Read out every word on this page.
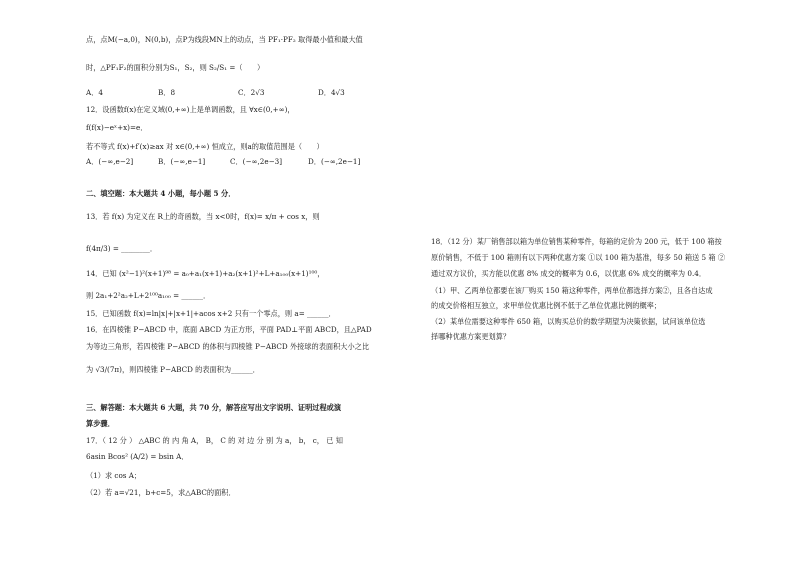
点，点M(−a,0)，N(0,b)，点P为线段MN上的动点，当 PF₁·PF₂ 取得最小值和最大值
时，△PF₁F₂的面积分别为S₁，S₂，则 S₂/S₁ =（　　）
A．4	B．8	C．2√3	D．4√3
12．设函数f(x)在定义域(0,+∞)上是单调函数，且 ∀x∈(0,+∞)，
f(f(x)−eˣ+x)=e．
若不等式 f(x)+f′(x)≥ax 对 x∈(0,+∞) 恒成立，则a的取值范围是（　　）
A．(−∞,e−2]	B．(−∞,e−1]	C．(−∞,2e−3]	D．(−∞,2e−1]
二、填空题：本大题共 4 小题，每小题 5 分．
13．若 f(x) 为定义在 R上的奇函数，当 x<0时，f(x)= x/π + cos x，则
f(4π/3) = ________．
14．已知 (x²−1)²(x+1)⁹⁸ = a₀+a₁(x+1)+a₂(x+1)²+L+a₁₀₀(x+1)¹⁰⁰，
则 2a₁+2²a₂+L+2¹⁰⁰a₁₀₀ = ______．
15．已知函数 f(x)=ln|x|+|x+1|+acos x+2 只有一个零点，则 a= ______．
16．在四棱锥 P−ABCD 中，底面 ABCD 为正方形，平面 PAD⊥平面 ABCD，且△PAD
为等边三角形，若四棱锥 P−ABCD 的体积与四棱锥 P−ABCD 外接球的表面积大小之比
为 √3/(7π)，则四棱锥 P−ABCD 的表面积为______．
三、解答题：本大题共 6 大题，共 70 分，解答应写出文字说明、证明过程或演
算步骤．
17．（ 12 分 ） △ABC 的 内 角 A， B， C 的 对 边 分 别 为 a， b， c， 已 知
6asin Bcos² (A/2) = bsin A．
（1）求 cos A；
（2）若 a=√21，b+c=5，求△ABC的面积．
18．（12 分）某厂销售部以箱为单位销售某种零件，每箱的定价为 200 元，低于 100 箱按
原价销售，不低于 100 箱则有以下两种优惠方案 ①以 100 箱为基准，每多 50 箱送 5 箱 ②
通过双方议价，买方能以优惠 8% 成交的概率为 0.6，以优惠 6% 成交的概率为 0.4．
（1）甲、乙两单位都要在该厂购买 150 箱这种零件，两单位都选择方案②，且各自达成
的成交价格相互独立，求甲单位优惠比例不低于乙单位优惠比例的概率；
（2）某单位需要这种零件 650 箱，以购买总价的数学期望为决策依据，试问该单位选
择哪种优惠方案更划算？
